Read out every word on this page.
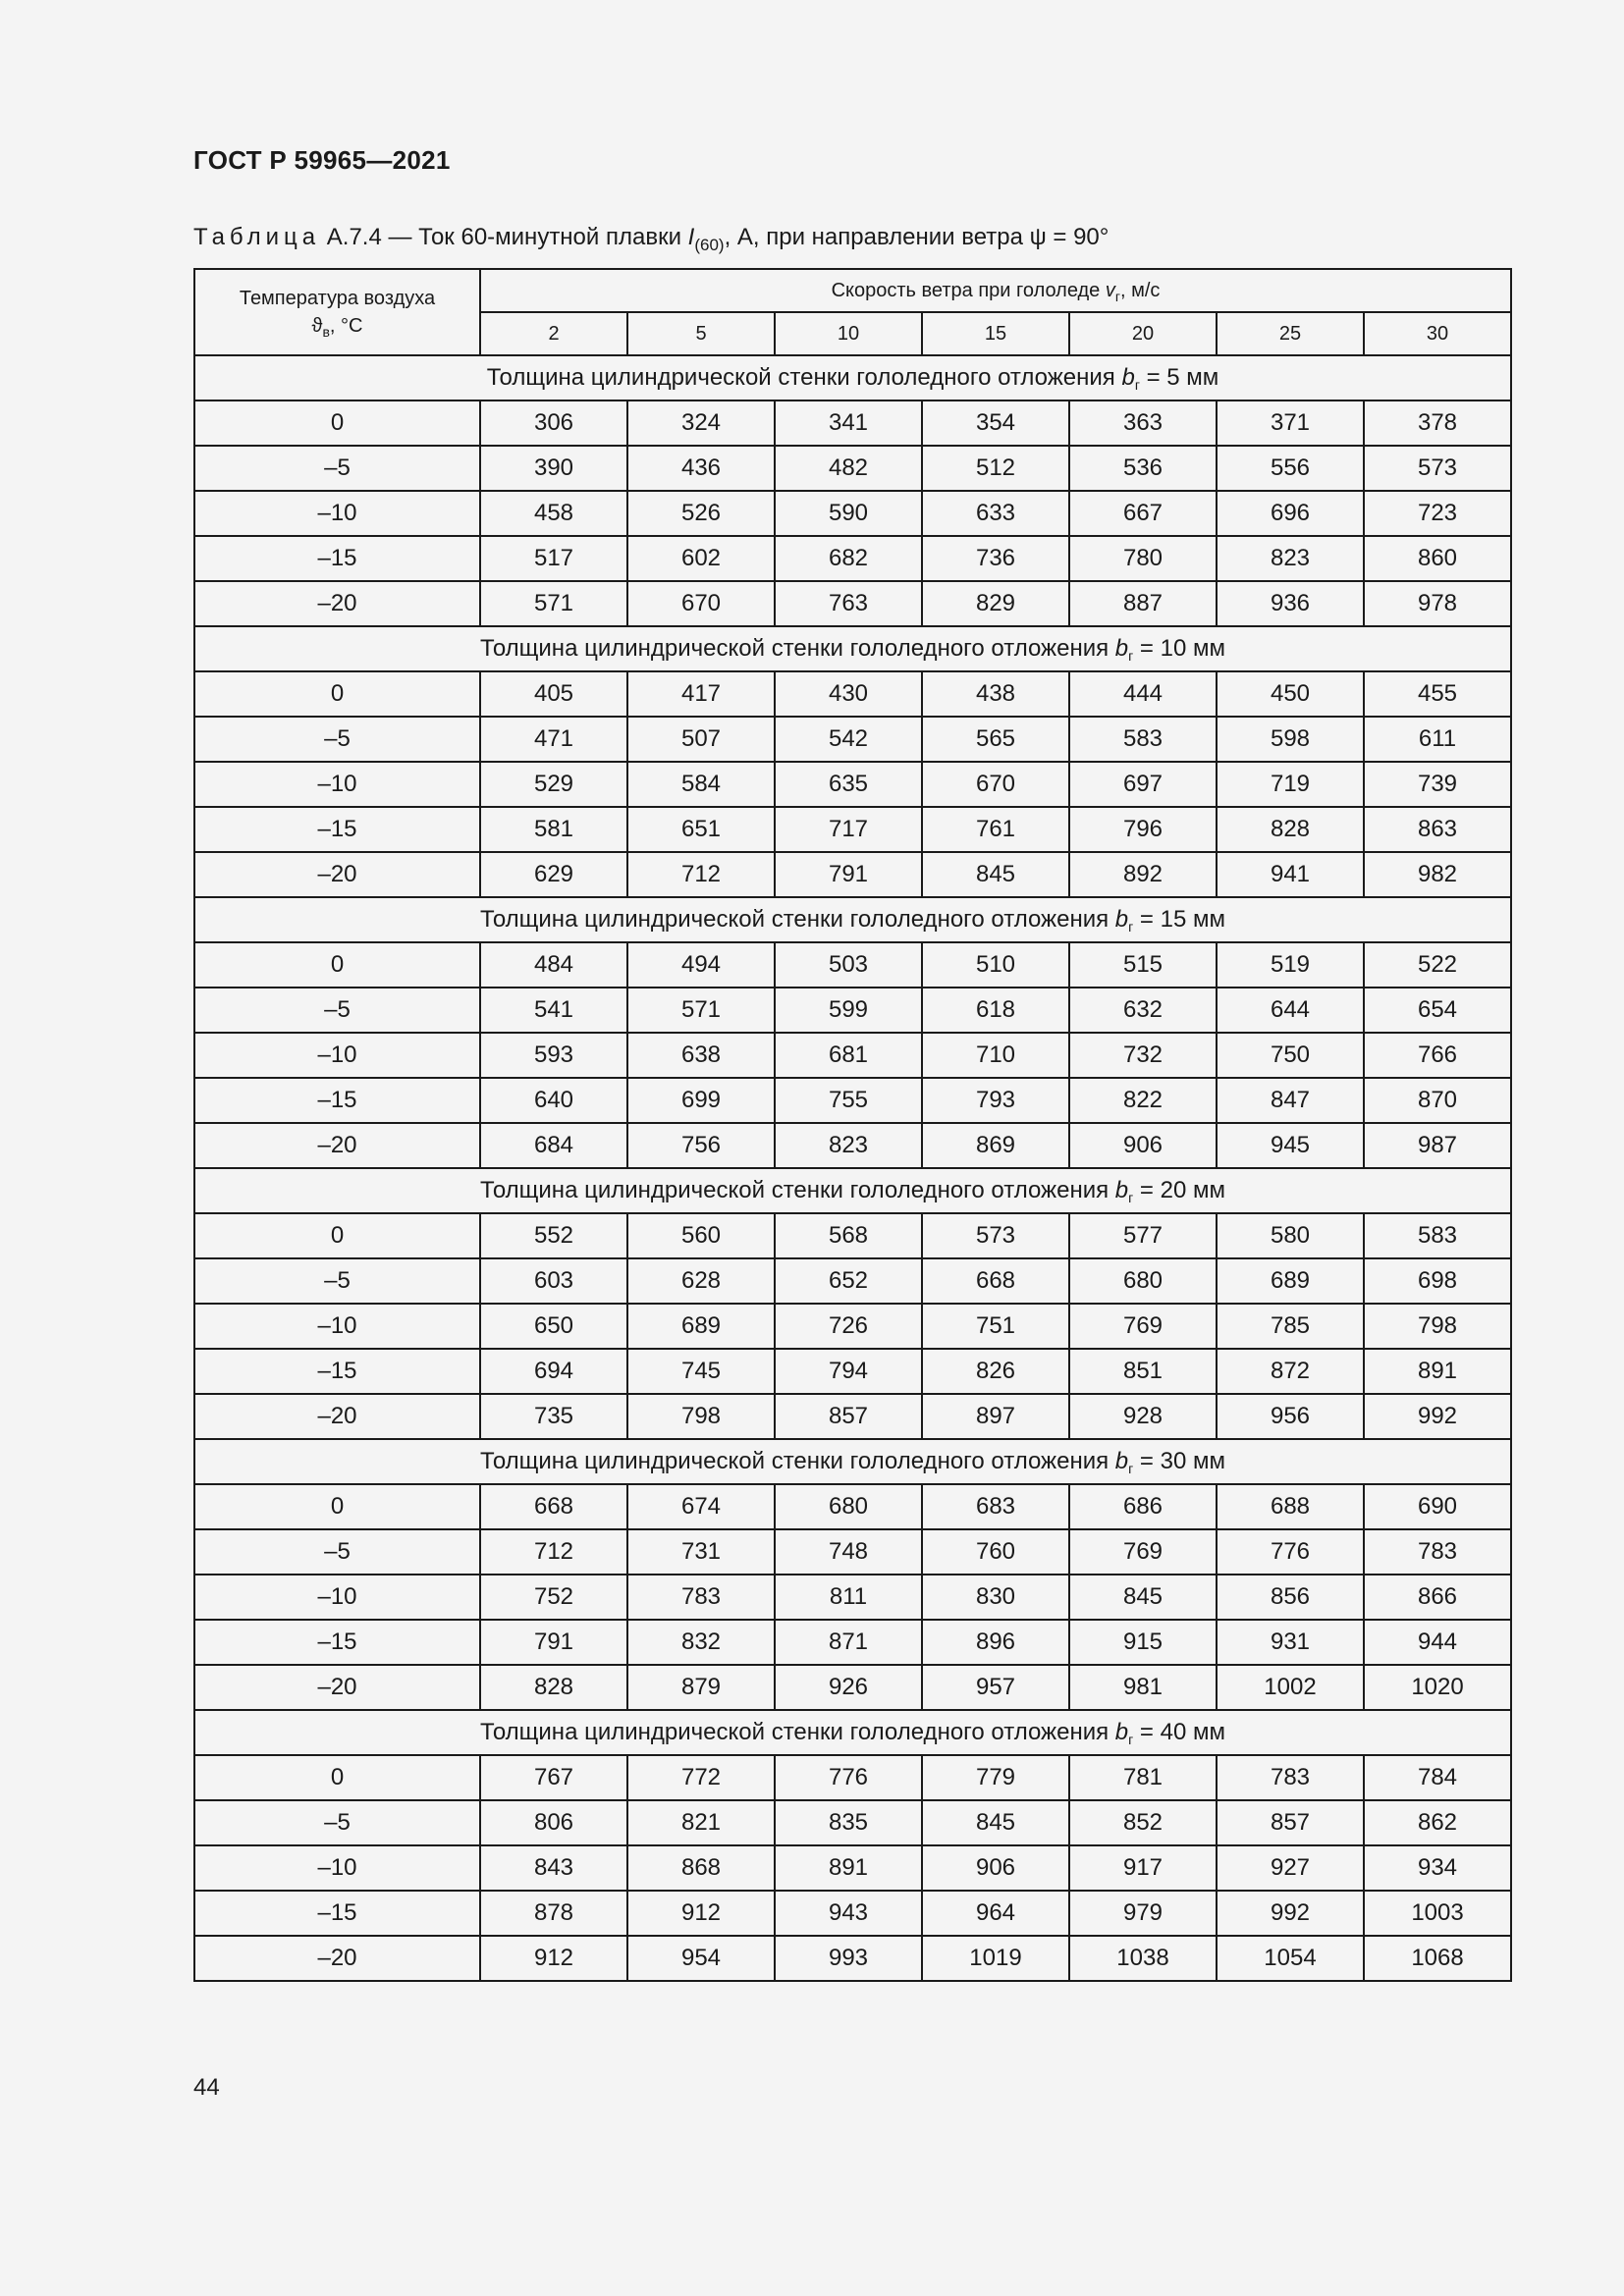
ГОСТ Р 59965—2021
Таблица А.7.4 — Ток 60-минутной плавки $I_{(60)}$, А, при направлении ветра ψ = 90°
Температура воздуха
$ϑ_в$, °С	Скорость ветра при гололеде $v_г$, м/с						
	2	5	10	15	20	25	30
Толщина цилиндрической стенки гололедного отложения $b_г = 5$ мм							
0	306	324	341	354	363	371	378
–5	390	436	482	512	536	556	573
–10	458	526	590	633	667	696	723
–15	517	602	682	736	780	823	860
–20	571	670	763	829	887	936	978
Толщина цилиндрической стенки гололедного отложения $b_г = 10$ мм							
0	405	417	430	438	444	450	455
–5	471	507	542	565	583	598	611
–10	529	584	635	670	697	719	739
–15	581	651	717	761	796	828	863
–20	629	712	791	845	892	941	982
Толщина цилиндрической стенки гололедного отложения $b_г = 15$ мм							
0	484	494	503	510	515	519	522
–5	541	571	599	618	632	644	654
–10	593	638	681	710	732	750	766
–15	640	699	755	793	822	847	870
–20	684	756	823	869	906	945	987
Толщина цилиндрической стенки гололедного отложения $b_г = 20$ мм							
0	552	560	568	573	577	580	583
–5	603	628	652	668	680	689	698
–10	650	689	726	751	769	785	798
–15	694	745	794	826	851	872	891
–20	735	798	857	897	928	956	992
Толщина цилиндрической стенки гололедного отложения $b_г = 30$ мм							
0	668	674	680	683	686	688	690
–5	712	731	748	760	769	776	783
–10	752	783	811	830	845	856	866
–15	791	832	871	896	915	931	944
–20	828	879	926	957	981	1002	1020
Толщина цилиндрической стенки гололедного отложения $b_г = 40$ мм							
0	767	772	776	779	781	783	784
–5	806	821	835	845	852	857	862
–10	843	868	891	906	917	927	934
–15	878	912	943	964	979	992	1003
–20	912	954	993	1019	1038	1054	1068
44
